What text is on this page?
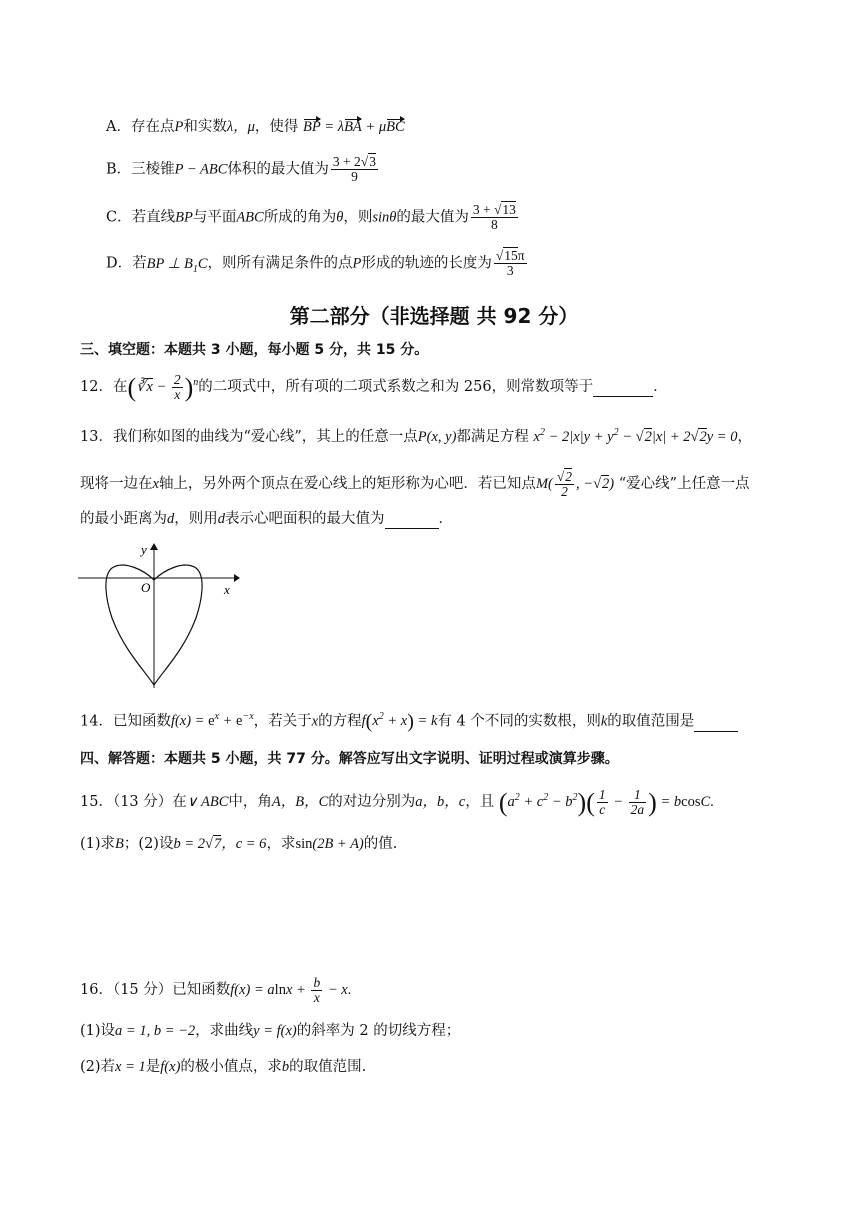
A．存在点P和实数λ，μ，使得 BP = λBA + μBC
B．三棱锥P − ABC体积的最大值为 $\frac{3 + 2√3}{9}$
C．若直线BP与平面ABC所成的角为θ，则sinθ的最大值为 $\frac{3 + √13}{8}$
D．若BP ⊥ $B_1C$，则所有满足条件的点P形成的轨迹的长度为 $\frac{√15\pi}{3}$
第二部分（非选择题 共 92 分）
三、填空题：本题共 3 小题，每小题 5 分，共 15 分。
12．在(∛x − $\frac{2}{x} )^n$的二项式中，所有项的二项式系数之和为 256，则常数项等于	．
13．我们称如图的曲线为“爱心线”，其上的任意一点P(x, y)都满足方程 $x^2 - 2|x|y + y^2 - √2|x| + 2√2y = 0$，
现将一边在x轴上，另外两个顶点在爱心线上的矩形称为心吧．若已知点$M( \frac{√2}{2}$ , −√2) “爱心线”上任意一点
的最小距离为d，则用d表示心吧面积的最大值为	．
y
x
O
14．已知函数$f(x) = e^x + e^{-x}$，若关于x的方程$f(x^2 + x) = k$有 4 个不同的实数根，则k的取值范围是
四、解答题：本题共 5 小题，共 77 分。解答应写出文字说明、证明过程或演算步骤。
15．（13 分）在∨ ABC中，角A，B，C的对边分别为a，b，c，且 $(a^2 + c^2 - b^2)( \frac{1}{c} - \frac{1}{2a}$ ) = bcosC.
(1)求B；(2)设b = 2√7，c = 6，求sin(2B + A)的值.
16．（15 分）已知函数$f(x) = alnx + \frac{b}{x} - x$.
(1)设a = 1, b = −2，求曲线y = f(x)的斜率为 2 的切线方程；
(2)若x = 1是f(x)的极小值点，求b的取值范围.
